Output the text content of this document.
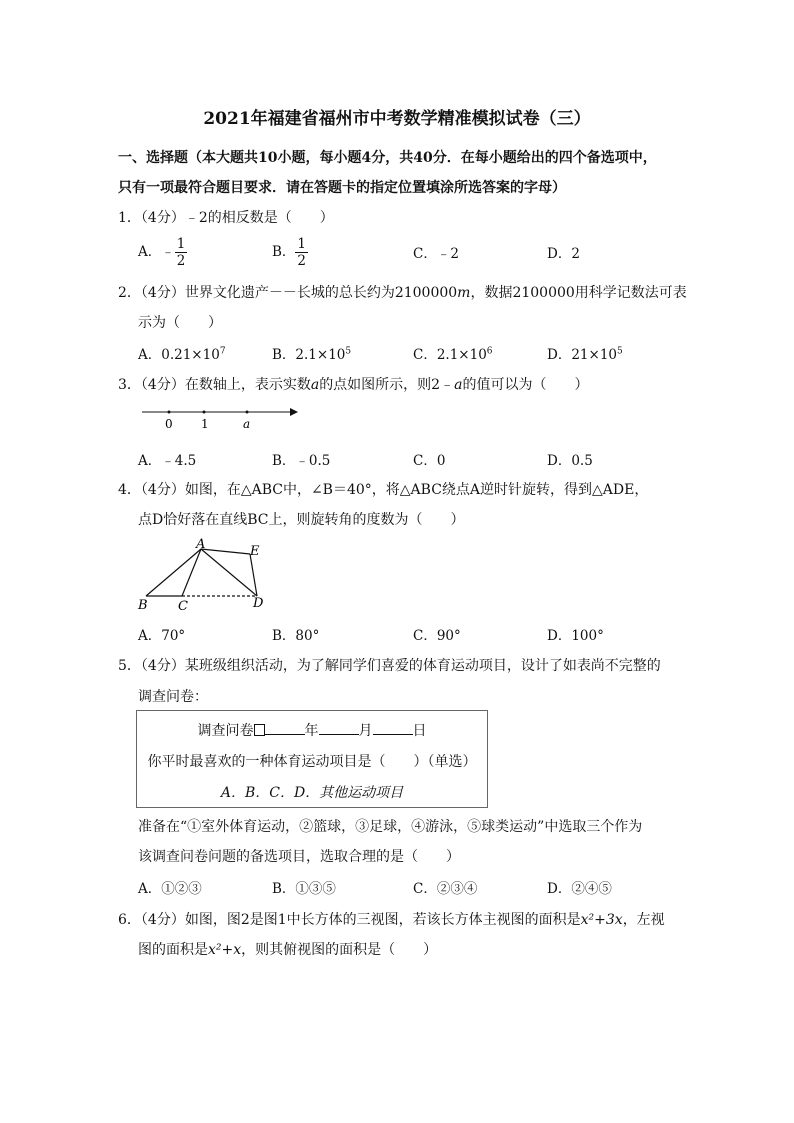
2021年福建省福州市中考数学精准模拟试卷（三）
一、选择题（本大题共10小题，每小题4分，共40分．在每小题给出的四个备选项中，
只有一项最符合题目要求．请在答题卡的指定位置填涂所选答案的字母）
1．（4分）﹣2的相反数是（　　）
A．﹣ $\frac{1}{2}$	B． $\frac{1}{2}$	C．﹣2	D．2
2．（4分）世界文化遗产－－长城的总长约为2100000m，数据2100000用科学记数法可表
示为（　　）
A．$0.21\times 10^7$	B．$2.1\times 10^5$	C．$2.1\times 10^6$	D．$21\times 10^5$
3．（4分）在数轴上，表示实数a的点如图所示，则2﹣a的值可以为（　　）
0 1	a
A．﹣4.5	B．﹣0.5	C．0	D．0.5
4．（4分）如图，在△ABC中，∠B＝40°，将△ABC绕点A逆时针旋转，得到△ADE，
点D恰好落在直线BC上，则旋转角的度数为（　　）
A	E
B C	D
A．70°	B．80°	C．90°	D．100°
5．（4分）某班级组织活动，为了解同学们喜爱的体育运动项目，设计了如表尚不完整的
调查问卷：
调查问卷	年	月	日
你平时最喜欢的一种体育运动项目是（　　）（单选）
A．B．C．D．其他运动项目
准备在“①室外体育运动，②篮球，③足球，④游泳，⑤球类运动”中选取三个作为
该调查问卷问题的备选项目，选取合理的是（　　）
A．①②③	B．①③⑤	C．②③④	D．②④⑤
6．（4分）如图，图2是图1中长方体的三视图，若该长方体主视图的面积是x²+3x，左视
图的面积是x²+x，则其俯视图的面积是（　　）
